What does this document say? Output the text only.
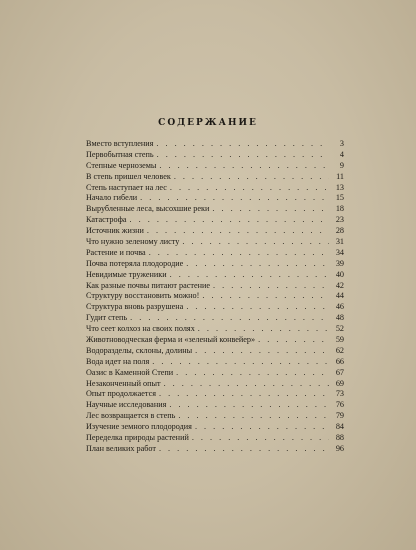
СОДЕРЖАНИЕ
Вместо вступления . . .	3
Первобытная степь . . .	4
Степные черноземы . . .	9
В степь пришел человек . . .	11
Степь наступает на лес . . .	13
Начало гибели . . .	15
Вырубленные леса, высохшие реки . . .	18
Катастрофа . . .	23
Источник жизни . . .	28
Что нужно зеленому листу . . .	31
Растение и почва . . .	34
Почва потеряла плодородие . . .	39
Невидимые труженики . . .	40
Как разные почвы питают растение . . .	42
Структуру восстановить можно! . . .	44
Структура вновь разрушена . . .	46
Гудит степь . . .	48
Что сеет колхоз на своих полях . . .	52
Животноводческая ферма и «зеленый конвейер» . . .	59
Водоразделы, склоны, долины . . .	62
Вода идет на поля . . .	66
Оазис в Каменной Степи . . .	67
Незаконченный опыт . . .	69
Опыт продолжается . . .	73
Научные исследования . . .	76
Лес возвращается в степь . . .	79
Изучение земного плодородия . . .	84
Переделка природы растений . . .	88
План великих работ . . .	96
